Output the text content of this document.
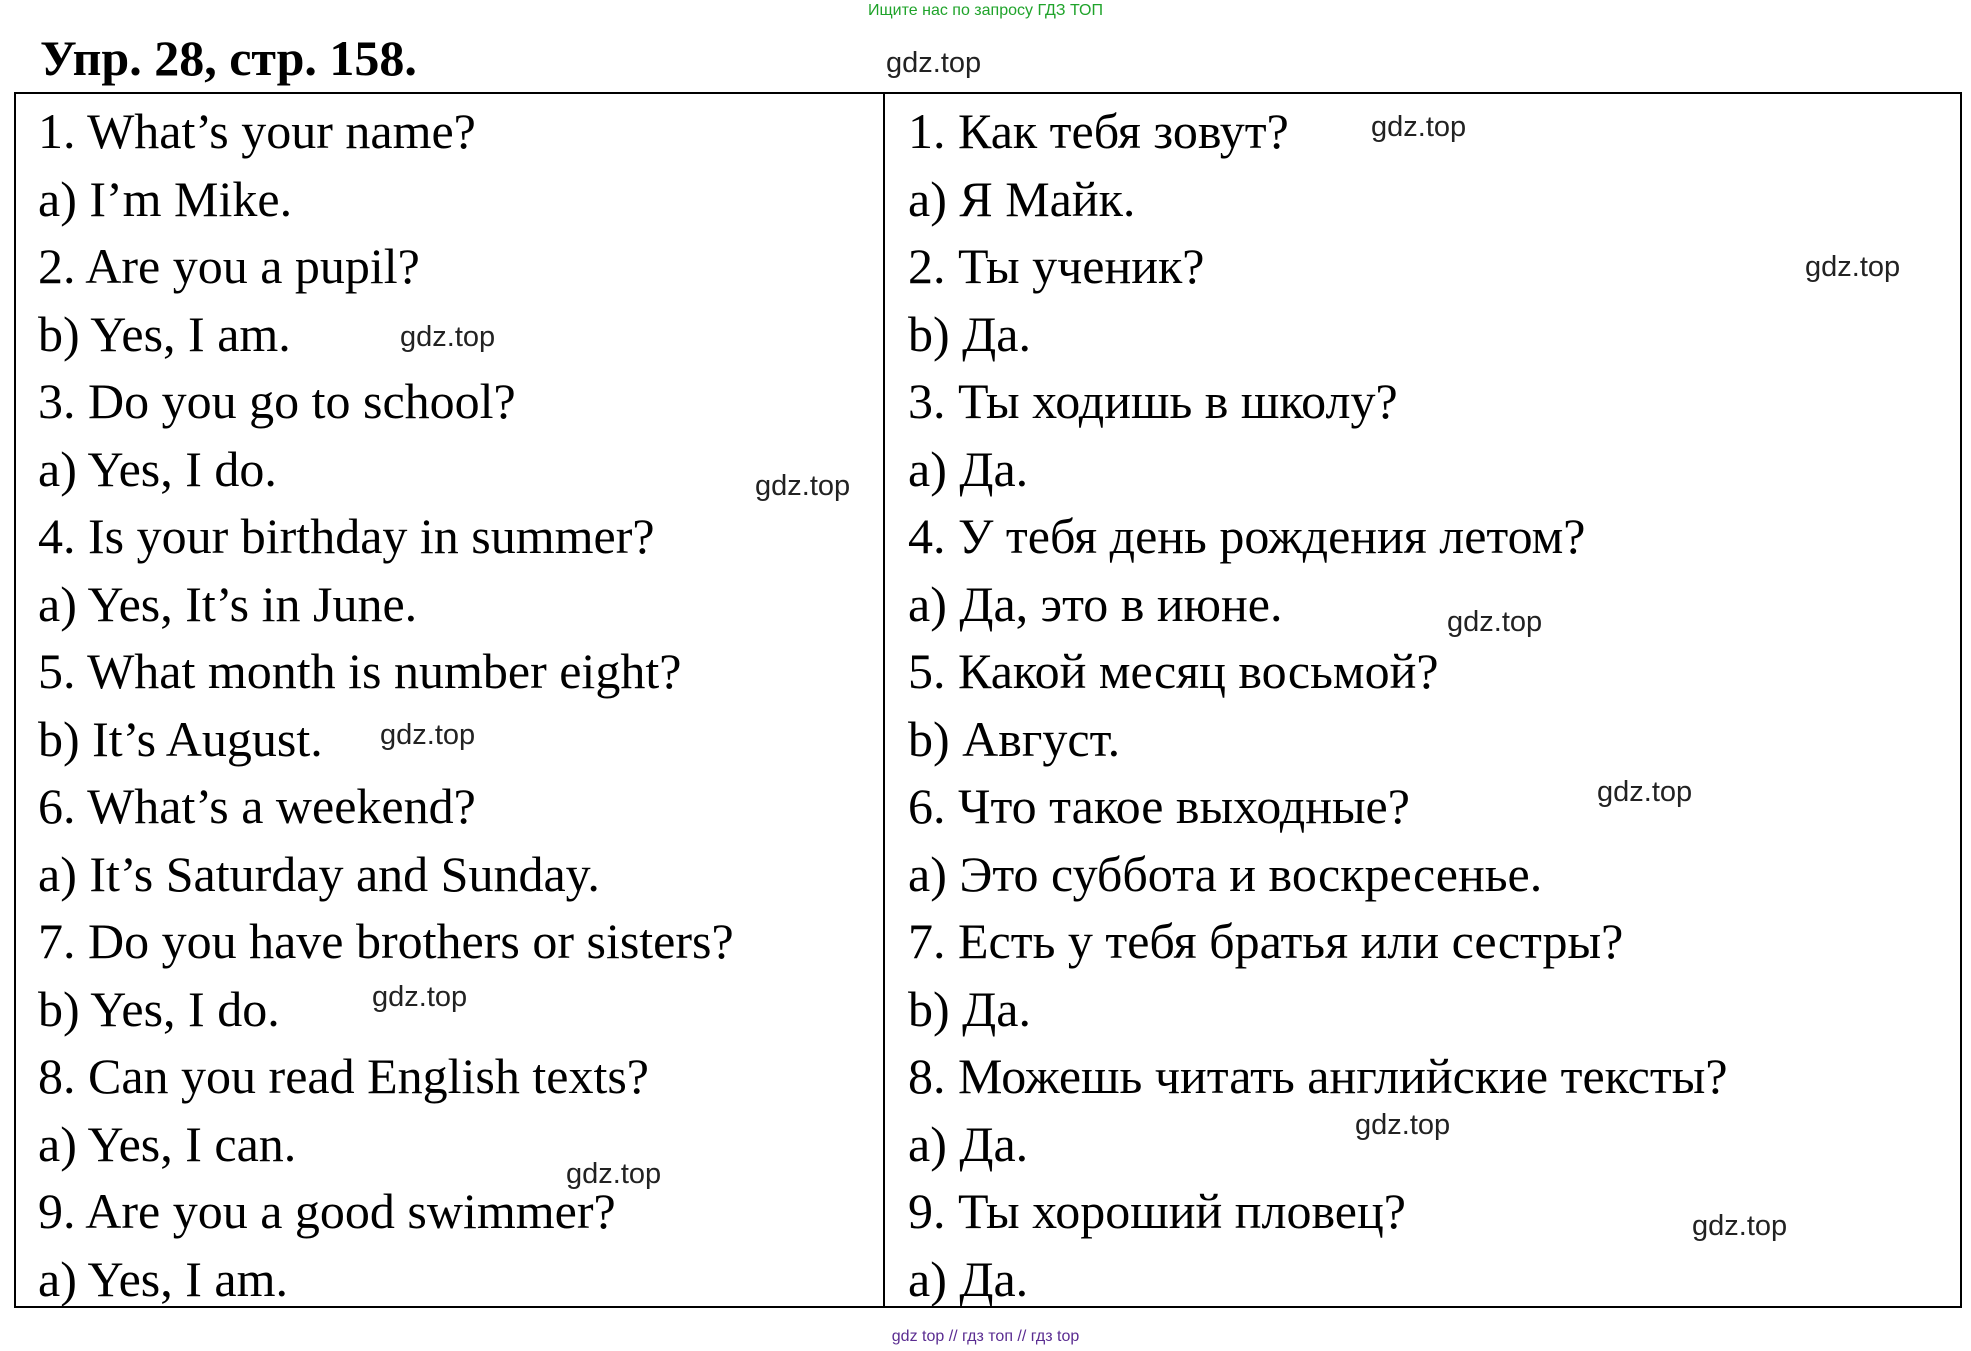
Ищите нас по запросу ГДЗ ТОП
Упр. 28, стр. 158.
1. What’s your name?
a) I’m Mike.
2. Are you a pupil?
b) Yes, I am.
3. Do you go to school?
a) Yes, I do.
4. Is your birthday in summer?
a) Yes, It’s in June.
5. What month is number eight?
b) It’s August.
6. What’s a weekend?
a) It’s Saturday and Sunday.
7. Do you have brothers or sisters?
b) Yes, I do.
8. Can you read English texts?
a) Yes, I can.
9. Are you a good swimmer?
a) Yes, I am.
1. Как тебя зовут?
a) Я Майк.
2. Ты ученик?
b) Да.
3. Ты ходишь в школу?
a) Да.
4. У тебя день рождения летом?
a) Да, это в июне.
5. Какой месяц восьмой?
b) Август.
6. Что такое выходные?
a) Это суббота и воскресенье.
7. Есть у тебя братья или сестры?
b) Да.
8. Можешь читать английские тексты?
a) Да.
9. Ты хороший пловец?
a) Да.
gdz.top
gdz.top
gdz.top
gdz.top
gdz.top
gdz.top
gdz.top
gdz.top
gdz.top
gdz.top
gdz.top
gdz.top
gdz top // гдз топ // гдз top
